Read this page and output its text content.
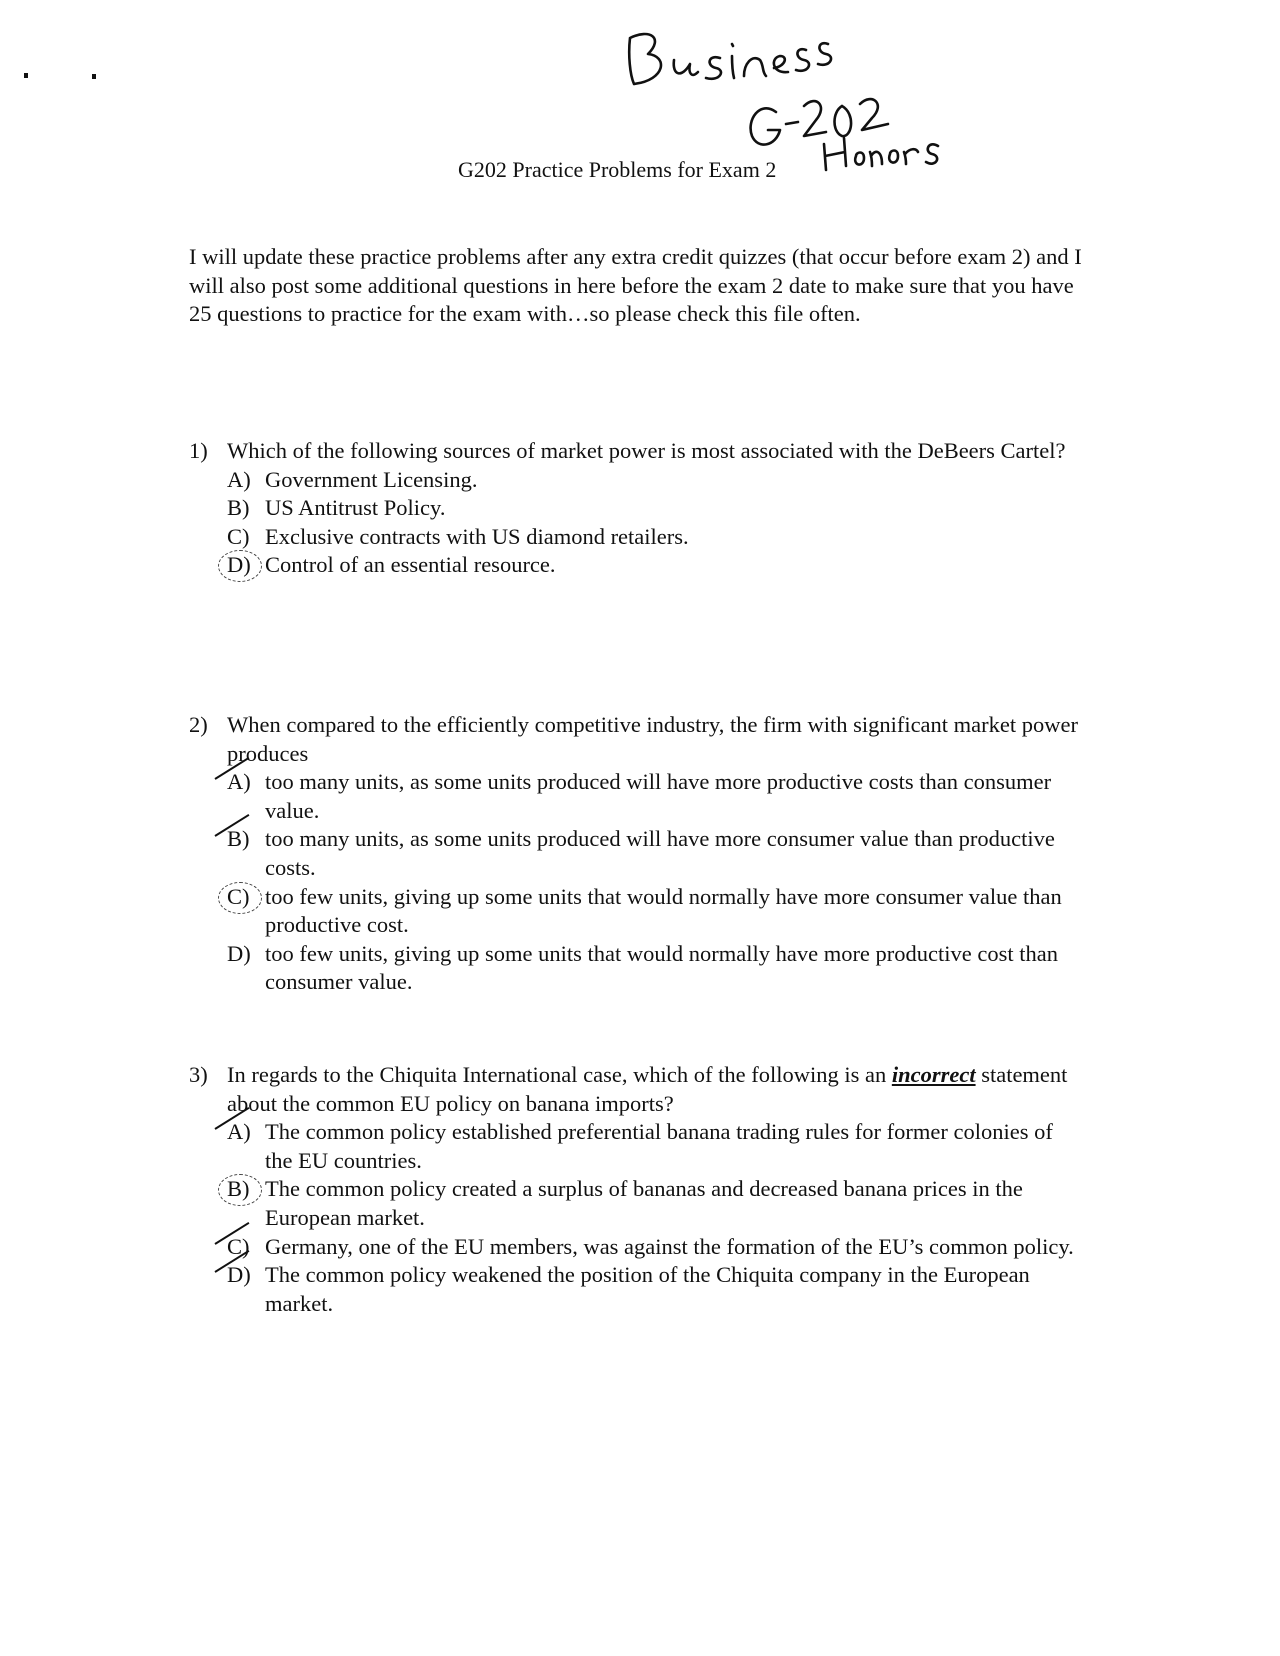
G202 Practice Problems for Exam 2

I will update these practice problems after any extra credit quizzes (that occur before exam 2) and I will also post some additional questions in here before the exam 2 date to make sure that you have 25 questions to practice for the exam with…so please check this file often.

1) Which of the following sources of market power is most associated with the DeBeers Cartel?
A) Government Licensing.
B) US Antitrust Policy.
C) Exclusive contracts with US diamond retailers.
D) Control of an essential resource.
2) When compared to the efficiently competitive industry, the firm with significant market power produces
A) too many units, as some units produced will have more productive costs than consumer value.
B) too many units, as some units produced will have more consumer value than productive costs.
C) too few units, giving up some units that would normally have more consumer value than productive cost.
D) too few units, giving up some units that would normally have more productive cost than consumer value.
3) In regards to the Chiquita International case, which of the following is an incorrect statement about the common EU policy on banana imports?
A) The common policy established preferential banana trading rules for former colonies of the EU countries.
B) The common policy created a surplus of bananas and decreased banana prices in the European market.
C) Germany, one of the EU members, was against the formation of the EU’s common policy.
D) The common policy weakened the position of the Chiquita company in the European market.
